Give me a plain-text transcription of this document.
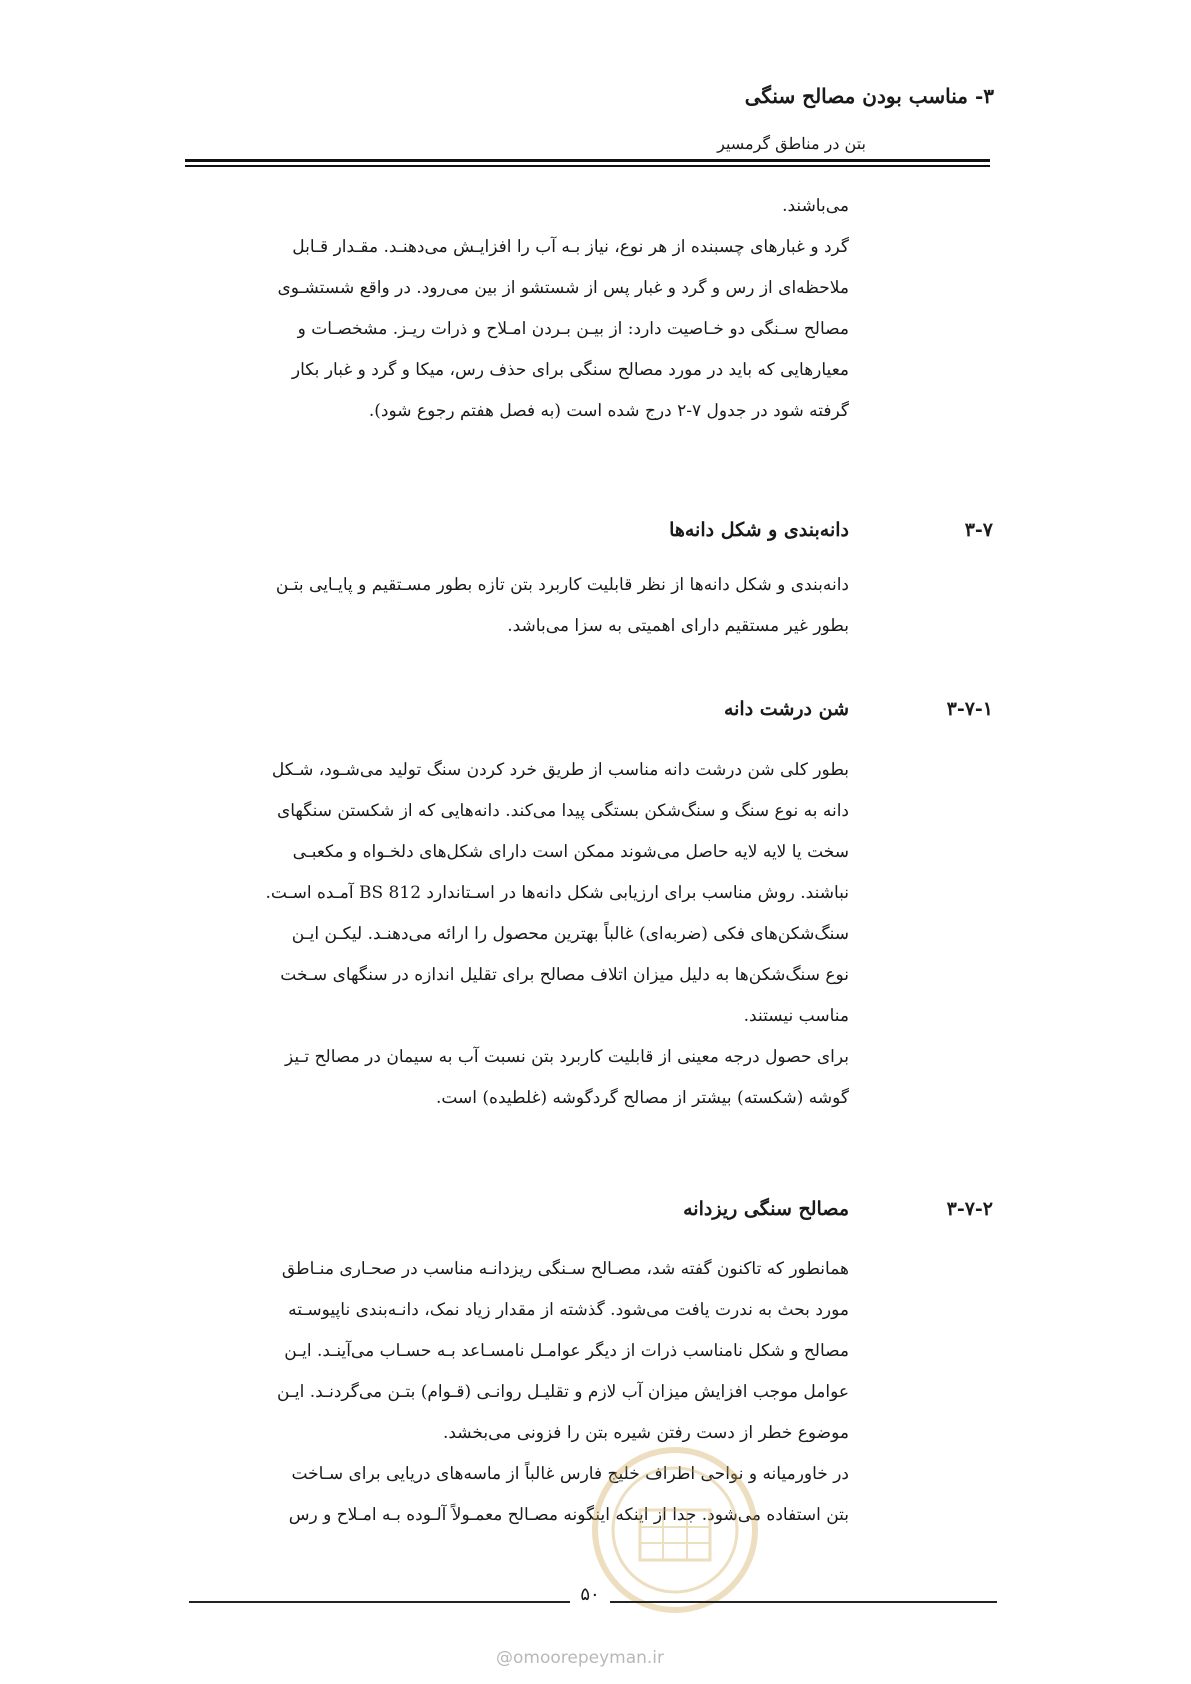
۳- مناسب بودن مصالح سنگی
بتن در مناطق گرمسیر
می‌باشند.
گرد و غبارهای چسبنده از هر نوع، نیاز بـه آب را افزایـش می‌دهنـد. مقـدار قـابل
ملاحظه‌ای از رس و گرد و غبار پس از شستشو از بین می‌رود. در واقع شستشـوی
مصالح سـنگی دو خـاصیت دارد: از بیـن بـردن امـلاح و ذرات ریـز. مشخصـات و
معیارهایی که باید در مورد مصالح سنگی برای حذف رس، میکا و گرد و غبار بکار
گرفته شود در جدول ۷-۲ درج شده است (به فصل هفتم رجوع شود).
۳-۷
دانه‌بندی و شکل دانه‌ها
دانه‌بندی و شکل دانه‌ها از نظر قابلیت کاربرد بتن تازه بطور مسـتقیم و پایـایی بتـن
بطور غیر مستقیم دارای اهمیتی به سزا می‌باشد.
۳-۷-۱
شن درشت دانه
بطور کلی شن درشت دانه مناسب از طریق خرد کردن سنگ تولید می‌شـود، شـکل
دانه به نوع سنگ و سنگ‌شکن بستگی پیدا می‌کند. دانه‌هایی که از شکستن سنگهای
سخت یا لایه لایه حاصل می‌شوند ممکن است دارای شکل‌های دلخـواه و مکعبـی
نباشند. روش مناسب برای ارزیابی شکل دانه‌ها در اسـتاندارد BS 812 آمـده اسـت.
سنگ‌شکن‌های فکی (ضربه‌ای) غالباً بهترین محصول را ارائه می‌دهنـد. لیکـن ایـن
نوع سنگ‌شکن‌ها به دلیل میزان اتلاف مصالح برای تقلیل اندازه در سنگهای سـخت
مناسب نیستند.
برای حصول درجه معینی از قابلیت کاربرد بتن نسبت آب به سیمان در مصالح تـیز
گوشه (شکسته) بیشتر از مصالح گردگوشه (غلطیده) است.
۳-۷-۲
مصالح سنگی ریزدانه
همانطور که تاکنون گفته شد، مصـالح سـنگی ریزدانـه مناسب در صحـاری منـاطق
مورد بحث به ندرت یافت می‌شود. گذشته از مقدار زیاد نمک، دانـه‌بندی ناپیوسـته
مصالح و شکل نامناسب ذرات از دیگر عوامـل نامسـاعد بـه حسـاب می‌آینـد. ایـن
عوامل موجب افزایش میزان آب لازم و تقلیـل روانـی (قـوام) بتـن می‌گردنـد. ایـن
موضوع خطر از دست رفتن شیره بتن را فزونی می‌بخشد.
در خاورمیانه و نواحی اطراف خلیج فارس غالباً از ماسه‌های دریایی برای سـاخت
بتن استفاده می‌شود. جدا از اینکه اینگونه مصـالح معمـولاً آلـوده بـه امـلاح و رس
۵۰
@omoorepeyman.ir
